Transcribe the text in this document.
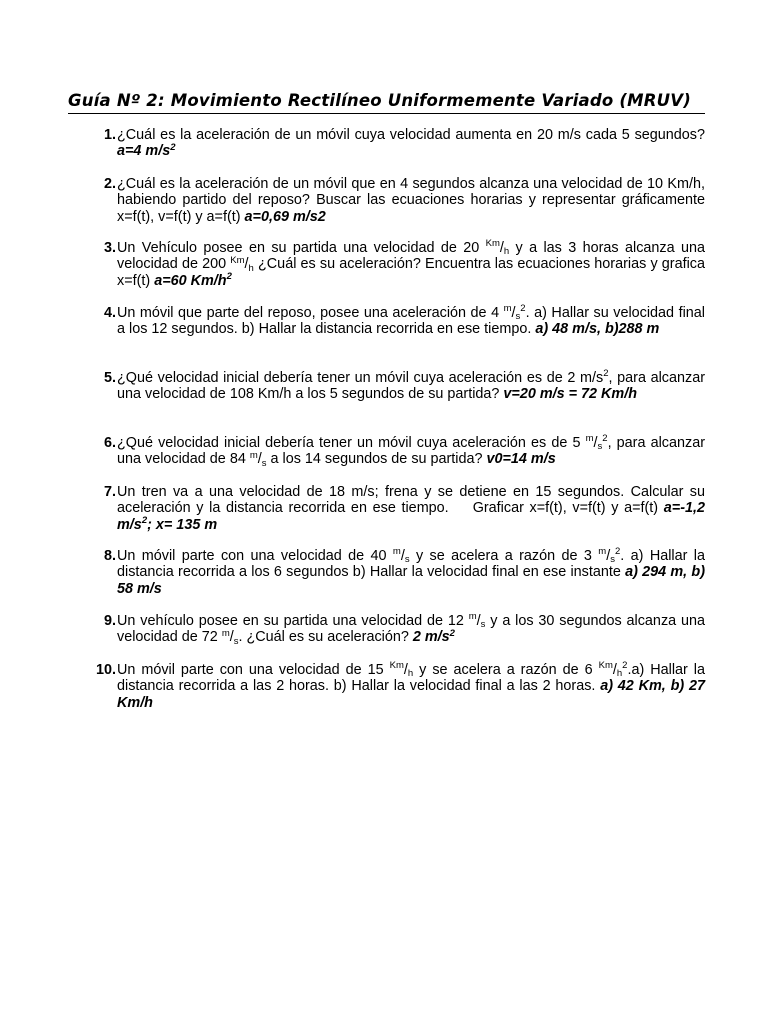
Guía Nº 2: Movimiento Rectilíneo Uniformemente Variado (MRUV)
1. ¿Cuál es la aceleración de un móvil cuya velocidad aumenta en 20 m/s cada 5 segundos? a=4 $m/s^2$
2. ¿Cuál es la aceleración de un móvil que en 4 segundos alcanza una velocidad de 10 Km/h, habiendo partido del reposo? Buscar las ecuaciones horarias y representar gráficamente x=f(t), v=f(t) y a=f(t) a=0,69 m/s2
3. Un Vehículo posee en su partida una velocidad de 20 $^{Km}$/h y a las 3 horas alcanza una velocidad de 200 $^{Km}$/h ¿Cuál es su aceleración? Encuentra las ecuaciones horarias y grafica x=f(t) a=60 $Km/h^2$
4. Un móvil que parte del reposo, posee una aceleración de 4 $^m/s^2$. a) Hallar su velocidad final a los 12 segundos. b) Hallar la distancia recorrida en ese tiempo. a) 48 m/s, b)288 m
5. ¿Qué velocidad inicial debería tener un móvil cuya aceleración es de 2 $m/s^2$, para alcanzar una velocidad de 108 Km/h a los 5 segundos de su partida? v=20 m/s = 72 Km/h
6. ¿Qué velocidad inicial debería tener un móvil cuya aceleración es de 5 $^m/s^2$, para alcanzar una velocidad de 84 $^m$/s a los 14 segundos de su partida? v0=14 m/s
7. Un tren va a una velocidad de 18 m/s; frena y se detiene en 15 segundos. Calcular su aceleración y la distancia recorrida en ese tiempo. Graficar x=f(t), v=f(t) y a=f(t) a=-1,2 $m/s^2$; x= 135 m
8. Un móvil parte con una velocidad de 40 $^m$/s y se acelera a razón de 3 $^m/s^2$. a) Hallar la distancia recorrida a los 6 segundos b) Hallar la velocidad final en ese instante a) 294 m, b) 58 m/s
9. Un vehículo posee en su partida una velocidad de 12 $^m$/s y a los 30 segundos alcanza una velocidad de 72 $^m$/s. ¿Cuál es su aceleración? 2 $m/s^2$
10. Un móvil parte con una velocidad de 15 $^{Km}$/h y se acelera a razón de 6 $^{Km}/h^2.a$) Hallar la distancia recorrida a las 2 horas. b) Hallar la velocidad final a las 2 horas. a) 42 Km, b) 27 Km/h
